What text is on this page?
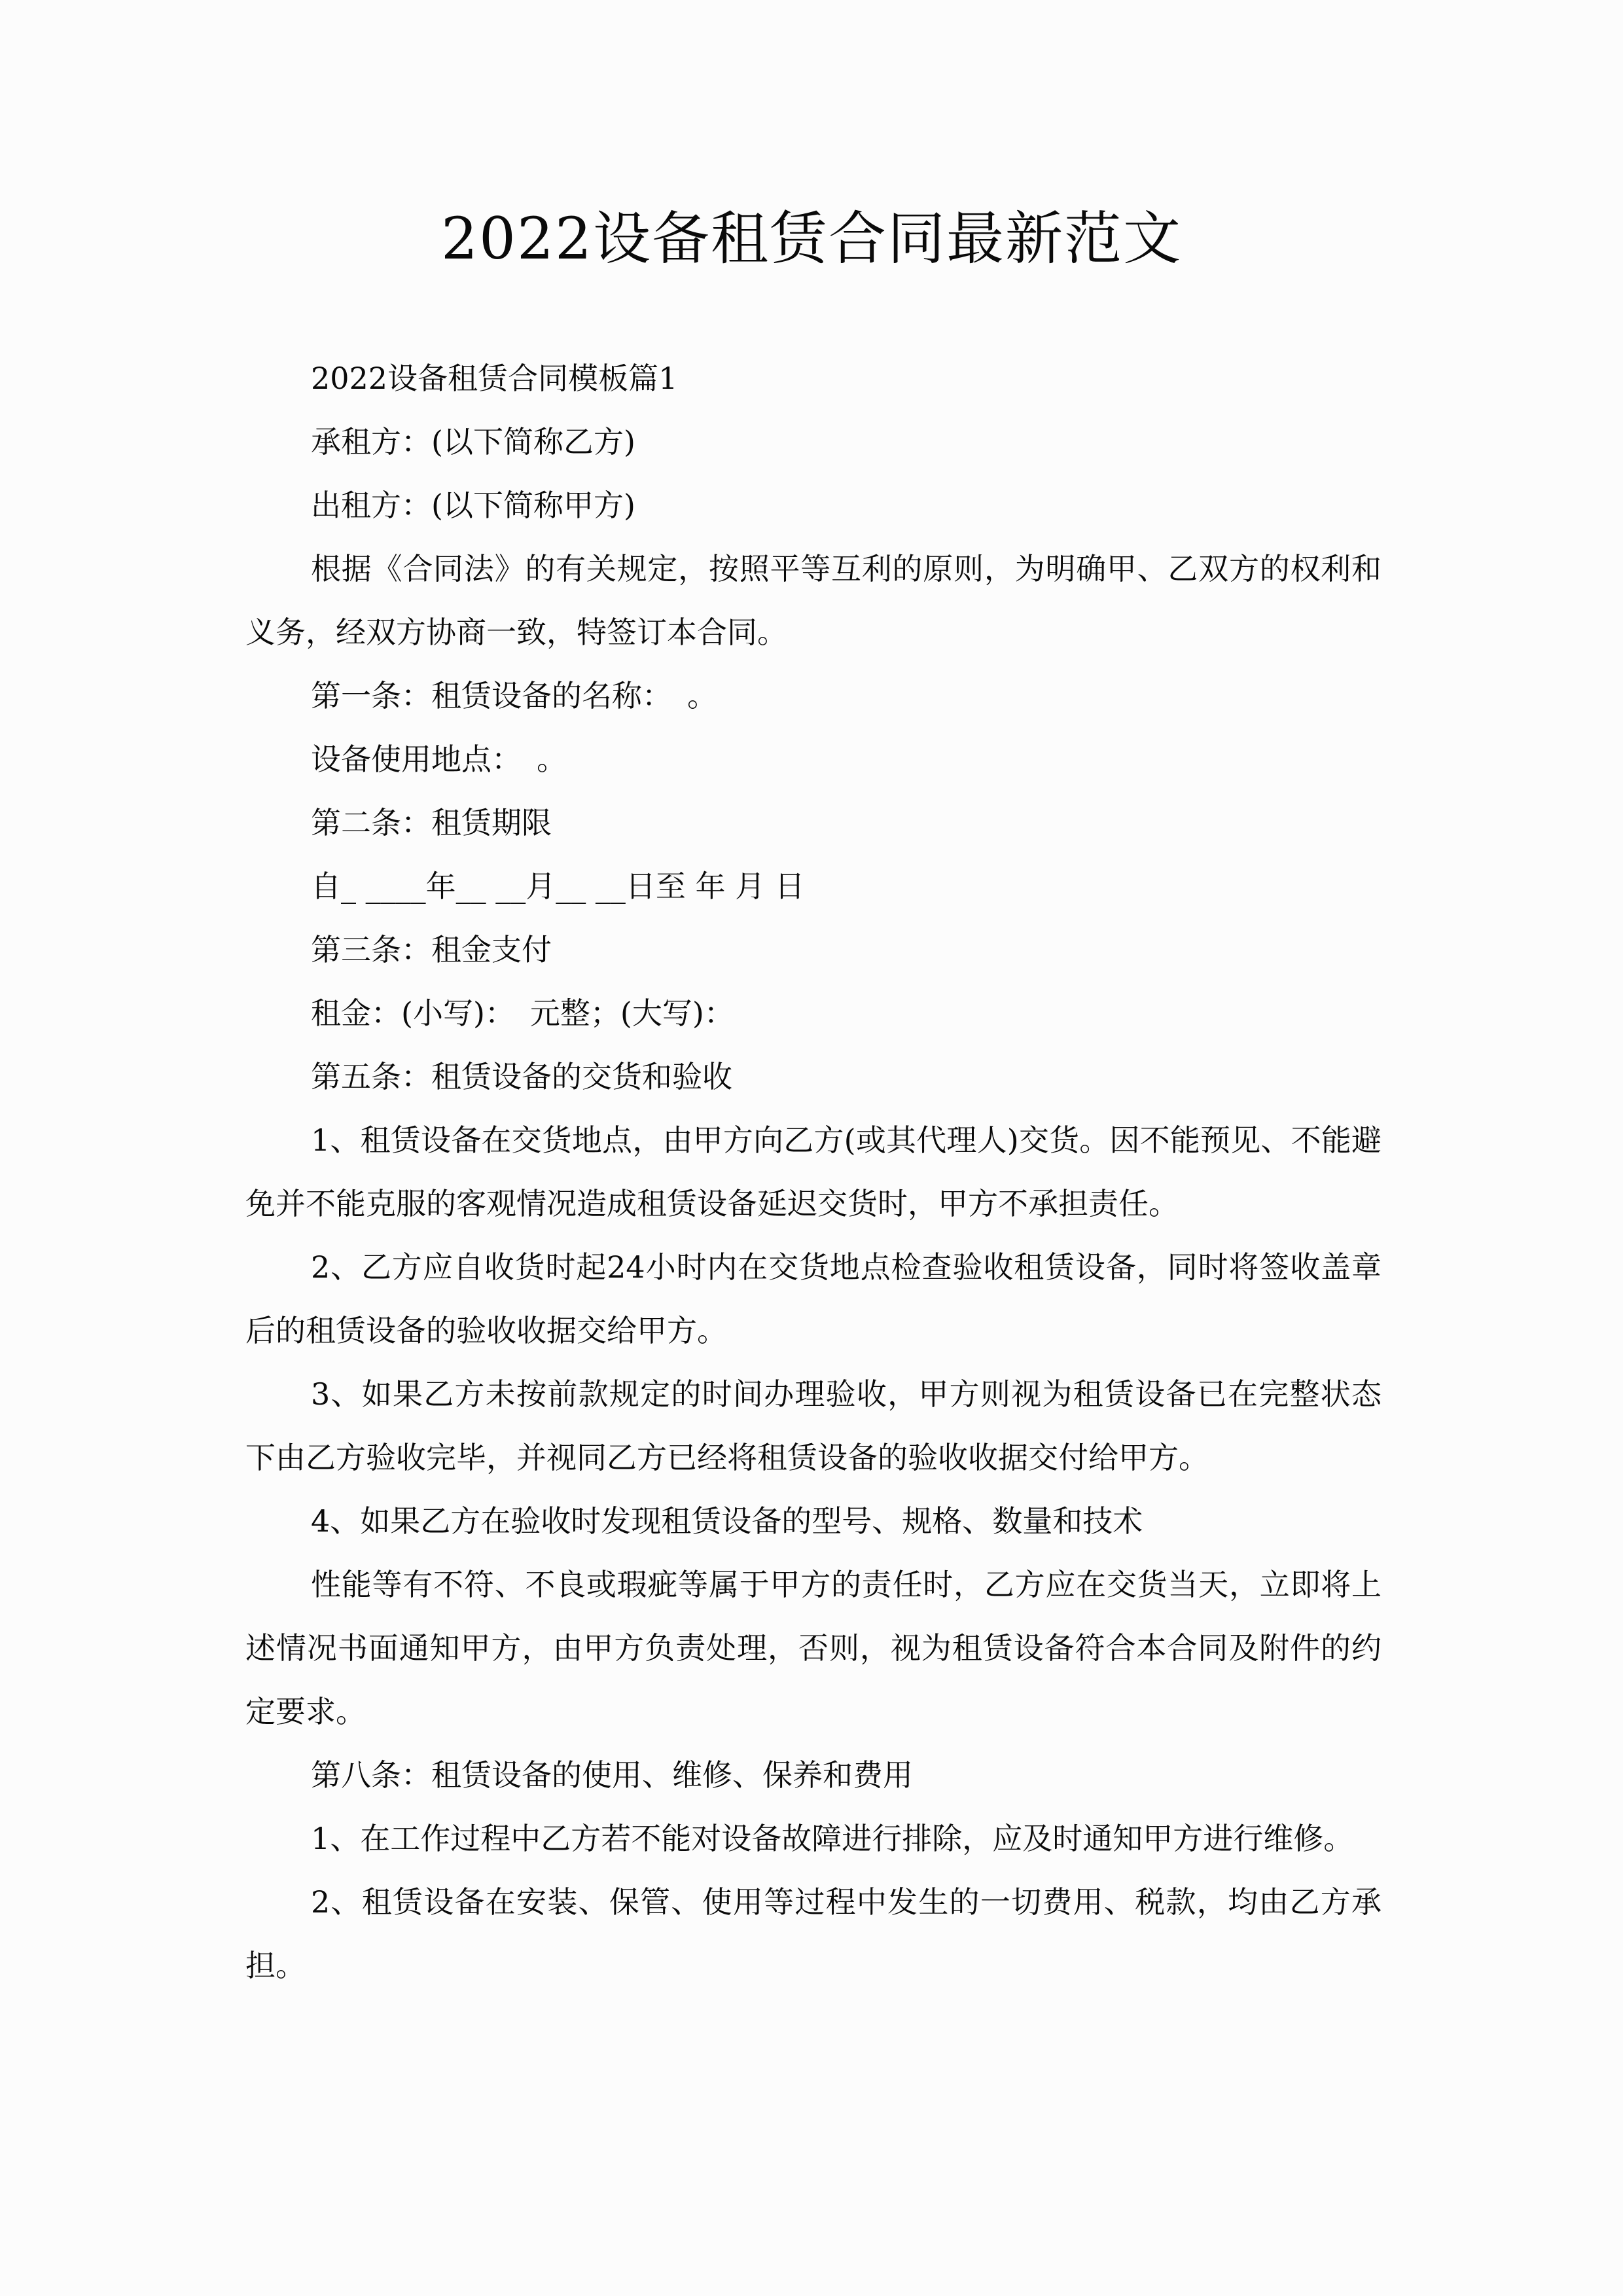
2022设备租赁合同最新范文

2022设备租赁合同模板篇1

承租方：(以下简称乙方)

出租方：(以下简称甲方)

根据《合同法》的有关规定，按照平等互利的原则，为明确甲、乙双方的权利和义务，经双方协商一致，特签订本合同。

第一条：租赁设备的名称：　。

设备使用地点：　。

第二条：租赁期限

自_ ____年__ __月__ __日至 年 月 日

第三条：租金支付

租金：(小写)：　元整；(大写)：

第五条：租赁设备的交货和验收

1、租赁设备在交货地点，由甲方向乙方(或其代理人)交货。因不能预见、不能避免并不能克服的客观情况造成租赁设备延迟交货时，甲方不承担责任。

2、乙方应自收货时起24小时内在交货地点检查验收租赁设备，同时将签收盖章后的租赁设备的验收收据交给甲方。

3、如果乙方未按前款规定的时间办理验收，甲方则视为租赁设备已在完整状态下由乙方验收完毕，并视同乙方已经将租赁设备的验收收据交付给甲方。

4、如果乙方在验收时发现租赁设备的型号、规格、数量和技术

性能等有不符、不良或瑕疵等属于甲方的责任时，乙方应在交货当天，立即将上述情况书面通知甲方，由甲方负责处理，否则，视为租赁设备符合本合同及附件的约定要求。

第八条：租赁设备的使用、维修、保养和费用

1、在工作过程中乙方若不能对设备故障进行排除，应及时通知甲方进行维修。

2、租赁设备在安装、保管、使用等过程中发生的一切费用、税款，均由乙方承担。
